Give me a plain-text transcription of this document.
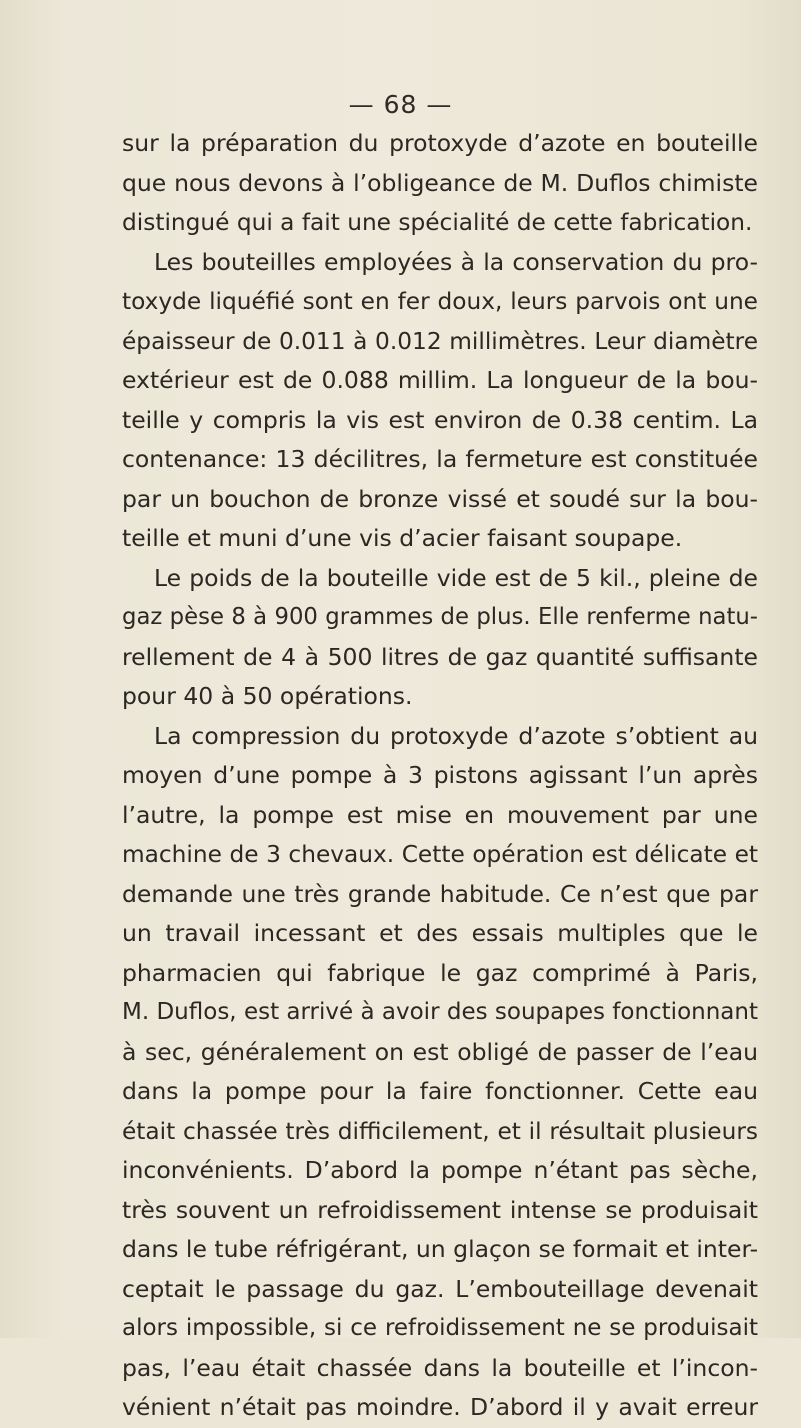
— 68 —
sur la préparation du protoxyde d’azote en bouteille
que nous devons à l’obligeance de M. Duflos chimiste
distingué qui a fait une spécialité de cette fabrication.
Les bouteilles employées à la conservation du pro-
toxyde liquéfié sont en fer doux, leurs parvois ont une
épaisseur de 0.011 à 0.012 millimètres. Leur diamètre
extérieur est de 0.088 millim. La longueur de la bou-
teille y compris la vis est environ de 0.38 centim. La
contenance: 13 décilitres, la fermeture est constituée
par un bouchon de bronze vissé et soudé sur la bou-
teille et muni d’une vis d’acier faisant soupape.
Le poids de la bouteille vide est de 5 kil., pleine de
gaz pèse 8 à 900 grammes de plus. Elle renferme natu-
rellement de 4 à 500 litres de gaz quantité suffisante
pour 40 à 50 opérations.
La compression du protoxyde d’azote s’obtient au
moyen d’une pompe à 3 pistons agissant l’un après
l’autre, la pompe est mise en mouvement par une
machine de 3 chevaux. Cette opération est délicate et
demande une très grande habitude. Ce n’est que par
un travail incessant et des essais multiples que le
pharmacien qui fabrique le gaz comprimé à Paris,
M. Duflos, est arrivé à avoir des soupapes fonctionnant
à sec, généralement on est obligé de passer de l’eau
dans la pompe pour la faire fonctionner. Cette eau
était chassée très difficilement, et il résultait plusieurs
inconvénients. D’abord la pompe n’étant pas sèche,
très souvent un refroidissement intense se produisait
dans le tube réfrigérant, un glaçon se formait et inter-
ceptait le passage du gaz. L’embouteillage devenait
alors impossible, si ce refroidissement ne se produisait
pas, l’eau était chassée dans la bouteille et l’incon-
vénient n’était pas moindre. D’abord il y avait erreur
